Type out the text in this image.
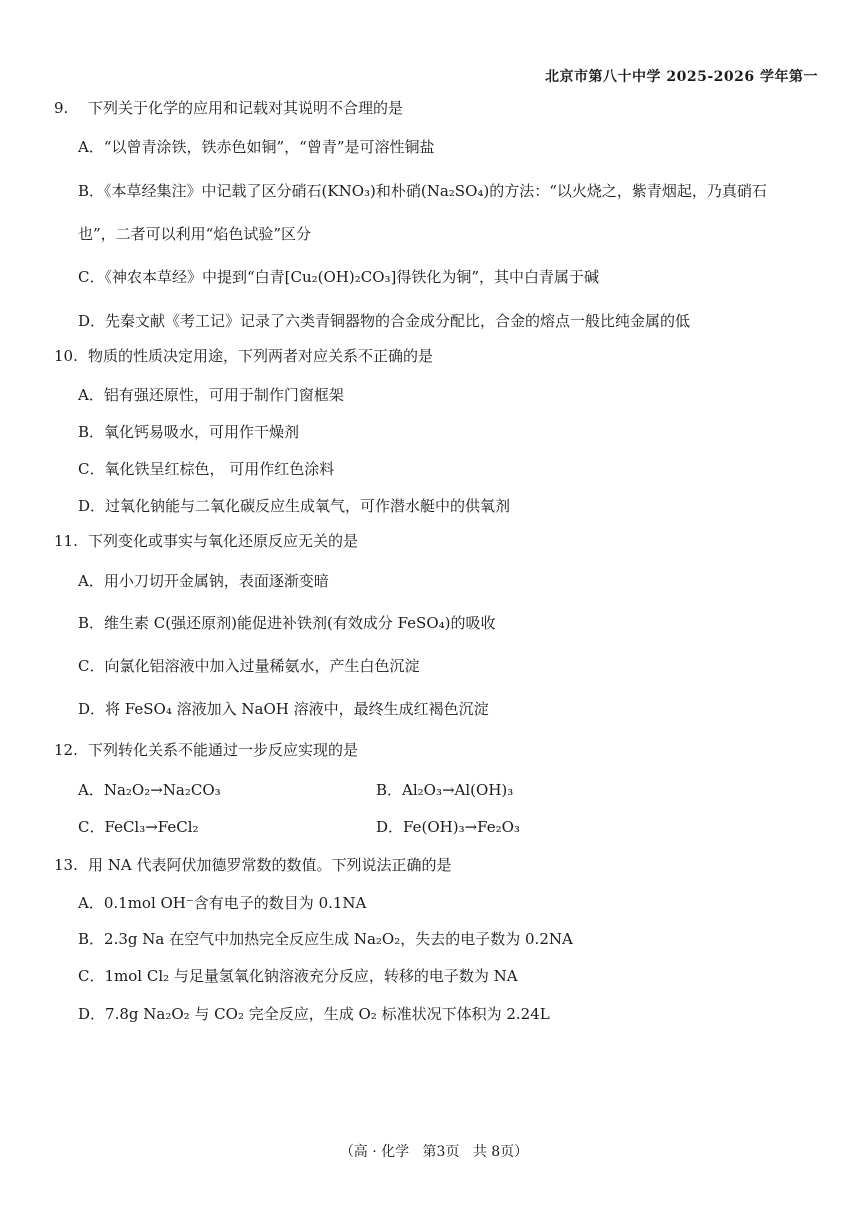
北京市第八十中学 2025-2026 学年第一
9. 下列关于化学的应用和记载对其说明不合理的是
A．“以曾青涂铁，铁赤色如铜”，“曾青”是可溶性铜盐
B．《本草经集注》中记载了区分硝石(KNO₃)和朴硝(Na₂SO₄)的方法：“以火烧之，紫青烟起，乃真硝石
也”，二者可以利用“焰色试验”区分
C．《神农本草经》中提到“白青[Cu₂(OH)₂CO₃]得铁化为铜”，其中白青属于碱
D．先秦文献《考工记》记录了六类青铜器物的合金成分配比，合金的熔点一般比纯金属的低
10. 物质的性质决定用途，下列两者对应关系不正确的是
A．铝有强还原性，可用于制作门窗框架
B．氧化钙易吸水，可用作干燥剂
C．氧化铁呈红棕色， 可用作红色涂料
D．过氧化钠能与二氧化碳反应生成氧气，可作潜水艇中的供氧剂
11. 下列变化或事实与氧化还原反应无关的是
A．用小刀切开金属钠，表面逐渐变暗
B．维生素 C(强还原剂)能促进补铁剂(有效成分 FeSO₄)的吸收
C．向氯化铝溶液中加入过量稀氨水，产生白色沉淀
D．将 FeSO₄ 溶液加入 NaOH 溶液中，最终生成红褐色沉淀
12. 下列转化关系不能通过一步反应实现的是
A．Na₂O₂→Na₂CO₃	B．Al₂O₃→Al(OH)₃
C．FeCl₃→FeCl₂	D．Fe(OH)₃→Fe₂O₃
13. 用 NA 代表阿伏加德罗常数的数值。下列说法正确的是
A．0.1mol OH⁻含有电子的数目为 0.1NA
B．2.3g Na 在空气中加热完全反应生成 Na₂O₂，失去的电子数为 0.2NA
C．1mol Cl₂ 与足量氢氧化钠溶液充分反应，转移的电子数为 NA
D．7.8g Na₂O₂ 与 CO₂ 完全反应，生成 O₂ 标准状况下体积为 2.24L
（高 · 化学 第3页 共 8页）
